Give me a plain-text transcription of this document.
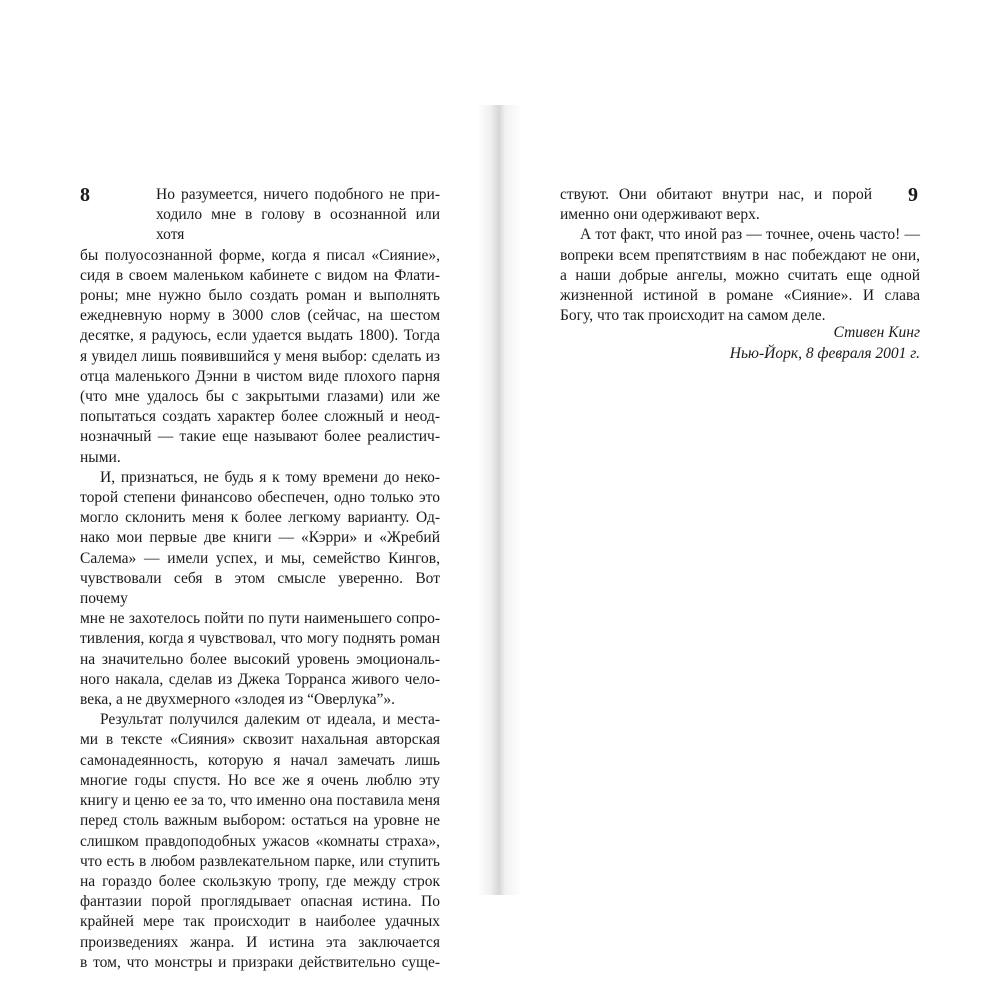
8	Но разумеется, ничего подобного не при-
ходило мне в голову в осознанной или хотя
бы полуосознанной форме, когда я писал «Сияние»,
сидя в своем маленьком кабинете с видом на Флати-
роны; мне нужно было создать роман и выполнять
ежедневную норму в 3000 слов (сейчас, на шестом
десятке, я радуюсь, если удается выдать 1800). Тогда
я увидел лишь появившийся у меня выбор: сделать из
отца маленького Дэнни в чистом виде плохого парня
(что мне удалось бы с закрытыми глазами) или же
попытаться создать характер более сложный и неод-
нозначный — такие еще называют более реалистич-
ными.
И, признаться, не будь я к тому времени до неко-
торой степени финансово обеспечен, одно только это
могло склонить меня к более легкому варианту. Од-
нако мои первые две книги — «Кэрри» и «Жребий
Салема» — имели успех, и мы, семейство Кингов,
чувствовали себя в этом смысле уверенно. Вот почему
мне не захотелось пойти по пути наименьшего сопро-
тивления, когда я чувствовал, что могу поднять роман
на значительно более высокий уровень эмоциональ-
ного накала, сделав из Джека Торранса живого чело-
века, а не двухмерного «злодея из “Оверлука”».
Результат получился далеким от идеала, и места-
ми в тексте «Сияния» сквозит нахальная авторская
самонадеянность, которую я начал замечать лишь
многие годы спустя. Но все же я очень люблю эту
книгу и ценю ее за то, что именно она поставила меня
перед столь важным выбором: остаться на уровне не
слишком правдоподобных ужасов «комнаты страха»,
что есть в любом развлекательном парке, или ступить
на гораздо более скользкую тропу, где между строк
фантазии порой проглядывает опасная истина. По
крайней мере так происходит в наиболее удачных
произведениях жанра. И истина эта заключается
в том, что монстры и призраки действительно суще-
9
ствуют. Они обитают внутри нас, и порой
именно они одерживают верх.
А тот факт, что иной раз — точнее, очень часто! —
вопреки всем препятствиям в нас побеждают не они,
а наши добрые ангелы, можно считать еще одной
жизненной истиной в романе «Сияние». И слава
Богу, что так происходит на самом деле.
Стивен Кинг
Нью-Йорк, 8 февраля 2001 г.
